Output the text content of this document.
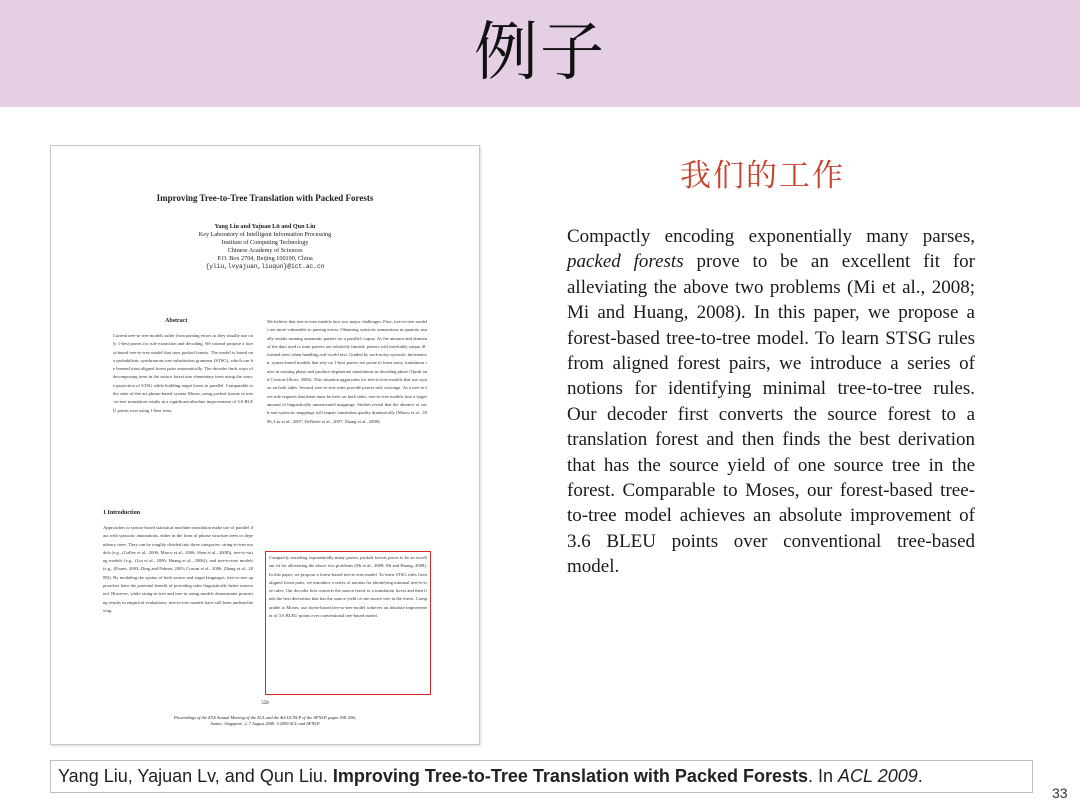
例子
Improving Tree-to-Tree Translation with Packed Forests
Yang Liu and Yajuan Lü and Qun Liu
Key Laboratory of Intelligent Information Processing
Institute of Computing Technology
Chinese Academy of Sciences
P.O. Box 2704, Beijing 100190, China
{yliu,lvyajuan,liuqun}@ict.ac.cn
Abstract
Current tree-to-tree models suffer from parsing errors as they usually use only 1-best parses for rule extraction and decoding. We instead propose a forest-based tree-to-tree model that uses packed forests. The model is based on a probabilistic synchronous tree substitution grammar (STSG), which can be learned from aligned forest pairs automatically. The decoder finds ways of decomposing trees in the source forest into elementary trees using the source projection of STSG while building target forest in parallel. Comparable to the state-of-the-art phrase-based system Moses, using packed forests in tree-to-tree translation results in a significant absolute improvement of 3.6 BLEU points over using 1-best trees.
1 Introduction
Approaches to syntax-based statistical machine translation make use of parallel data with syntactic annotations, either in the form of phrase structure trees or dependency trees. They can be roughly divided into three categories: string-to-tree models (e.g., (Galley et al., 2006; Marcu et al., 2006; Shen et al., 2008)), tree-to-string models (e.g., (Liu et al., 2006; Huang et al., 2006)), and tree-to-tree models (e.g., (Eisner, 2003; Ding and Palmer, 2005; Cowan et al., 2006; Zhang et al., 2008)). By modeling the syntax of both source and target languages, tree-to-tree approaches have the potential benefit of providing rules linguistically better motivated. However, while string-to-tree and tree-to-string models demonstrate promising results in empirical evaluations, tree-to-tree models have still been underachieving.
We believe that tree-to-tree models face two major challenges. First, tree-to-tree models are more vulnerable to parsing errors. Obtaining syntactic annotations in quantity usually entails running automatic parsers on a parallel corpus. As the amount and domain of the data used to train parsers are relatively limited, parsers will inevitably output ill-formed trees when handling real-world text. Guided by such noisy syntactic information, syntax-based models that rely on 1-best parses are prone to learn noisy translation rules in training phase and produce degenerate translations in decoding phase (Quirk and Corston-Oliver, 2006). This situation aggravates for tree-to-tree models that use syntax on both sides. Second, tree-to-tree rules provide poorer rule coverage. As a tree-to-tree rule requires that there must be trees on both sides, tree-to-tree models lose a larger amount of linguistically unmotivated mappings. Studies reveal that the absence of such non-syntactic mappings will impair translation quality dramatically (Marcu et al., 2006; Liu et al., 2007; DeNeefe et al., 2007; Zhang et al., 2008).
Compactly encoding exponentially many parses, packed forests prove to be an excellent fit for alleviating the above two problems (Mi et al., 2008; Mi and Huang, 2008). In this paper, we propose a forest-based tree-to-tree model. To learn STSG rules from aligned forest pairs, we introduce a series of notions for identifying minimal tree-to-tree rules. Our decoder first converts the source forest to a translation forest and then finds the best derivation that has the source yield of one source tree in the forest. Comparable to Moses, our forest-based tree-to-tree model achieves an absolute improvement of 3.6 BLEU points over conventional tree-based model.
558
Proceedings of the 47th Annual Meeting of the ACL and the 4th IJCNLP of the AFNLP, pages 558–566,
Suntec, Singapore, 2–7 August 2009. ©2009 ACL and AFNLP
我们的工作
Compactly encoding exponentially many parses, packed forests prove to be an excellent fit for alleviating the above two problems (Mi et al., 2008; Mi and Huang, 2008). In this paper, we propose a forest-based tree-to-tree model. To learn STSG rules from aligned forest pairs, we introduce a series of notions for identifying minimal tree-to-tree rules. Our decoder first converts the source forest to a translation forest and then finds the best derivation that has the source yield of one source tree in the forest. Comparable to Moses, our forest-based tree-to-tree model achieves an absolute improvement of 3.6 BLEU points over conventional tree-based model.
Yang Liu, Yajuan Lv, and Qun Liu. Improving Tree-to-Tree Translation with Packed Forests. In ACL 2009.
33
